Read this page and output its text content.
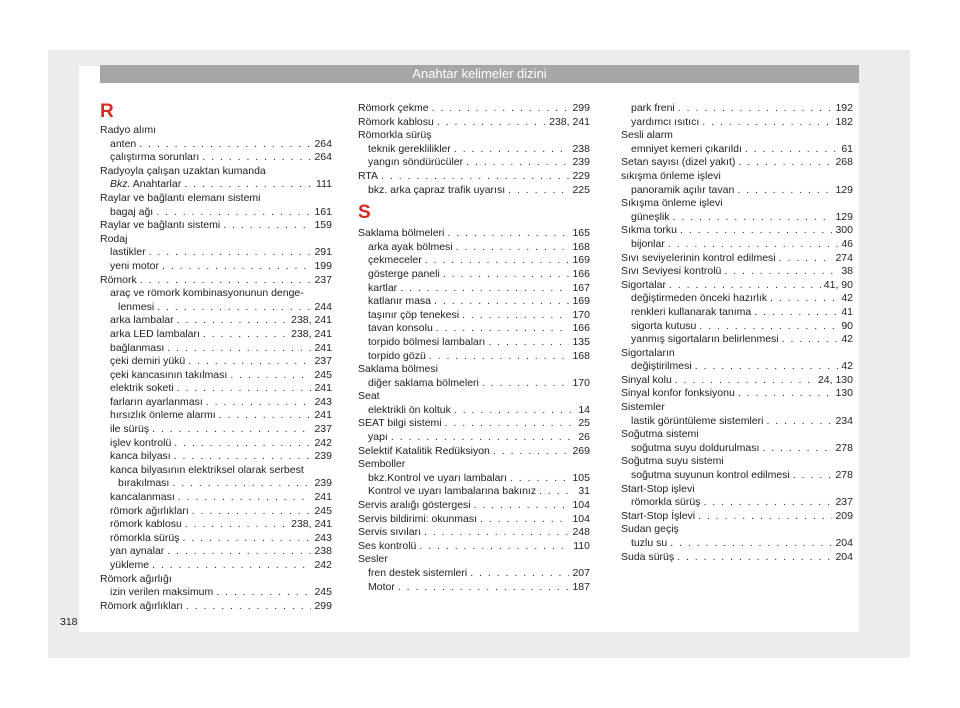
Anahtar kelimeler dizini
R
Radyo alımı
anten . . .	264
çalıştırma sorunları . . .	264
Radyoyla çalışan uzaktan kumanda
Bkz. Anahtarlar . . .	111
Raylar ve bağlantı elemanı sistemi
bagaj ağı . . .	161
Raylar ve bağlantı sistemi . . .	159
Rodaj
lastikler . . .	291
yeni motor . . .	199
Römork . . .	237
araç ve römork kombinasyonunun denge-
lenmesi . . .	244
arka lambalar . . .	238, 241
arka LED lambaları . . .	238, 241
bağlanması . . .	241
çeki demiri yükü . . .	237
çeki kancasının takılması . . .	245
elektrik soketi . . .	241
farların ayarlanması . . .	243
hırsızlık önleme alarmı . . .	241
ile sürüş . . .	237
işlev kontrolü . . .	242
kanca bilyası . . .	239
kanca bilyasının elektriksel olarak serbest
bırakılması . . .	239
kancalanması . . .	241
römork ağırlıkları . . .	245
römork kablosu . . .	238, 241
römorkla sürüş . . .	243
yan aynalar . . .	238
yükleme . . .	242
Römork ağırlığı
izin verilen maksimum . . .	245
Römork ağırlıkları . . .	299
Römork çekme . . .	299
Römork kablosu . . .	238, 241
Römorkla sürüş
teknik gereklilikler . . .	238
yangın söndürücüler . . .	239
RTA . . .	229
bkz. arka çapraz trafik uyarısı . . .	225
S
Saklama bölmeleri . . .	165
arka ayak bölmesi . . .	168
çekmeceler . . .	169
gösterge paneli . . .	166
kartlar . . .	167
katlanır masa . . .	169
taşınır çöp tenekesi . . .	170
tavan konsolu . . .	166
torpido bölmesi lambaları . . .	135
torpido gözü . . .	168
Saklama bölmesi
diğer saklama bölmeleri . . .	170
Seat
elektrikli ön koltuk . . .	14
SEAT bilgi sistemi . . .	25
yapı . . .	26
Selektif Katalitik Redüksiyon . . .	269
Semboller
bkz.Kontrol ve uyarı lambaları . . .	105
Kontrol ve uyarı lambalarına bakınız . . .	31
Servis aralığı göstergesi . . .	104
Servis bildirimi: okunması . . .	104
Servis sıvıları . . .	248
Ses kontrolü . . .	110
Sesler
fren destek sistemleri . . .	207
Motor . . .	187
park freni . . .	192
yardımcı ısıtıcı . . .	182
Sesli alarm
emniyet kemeri çıkarıldı . . .	61
Setan sayısı (dizel yakıt) . . .	268
sıkışma önleme işlevi
panoramik açılır tavan . . .	129
Sıkışma önleme işlevi
güneşlik . . .	129
Sıkma torku . . .	300
bijonlar . . .	46
Sıvı seviyelerinin kontrol edilmesi . . .	274
Sıvı Seviyesi kontrolü . . .	38
Sigortalar . . .	41, 90
değiştirmeden önceki hazırlık . . .	42
renkleri kullanarak tanıma . . .	41
sigorta kutusu . . .	90
yanmış sigortaların belirlenmesi . . .	42
Sigortaların
değiştirilmesi . . .	42
Sinyal kolu . . .	24, 130
Sinyal konfor fonksiyonu . . .	130
Sistemler
lastik görüntüleme sistemleri . . .	234
Soğutma sistemi
soğutma suyu doldurulması . . .	278
Soğutma suyu sistemi
soğutma suyunun kontrol edilmesi . . .	278
Start-Stop işlevi
römorkla sürüş . . .	237
Start-Stop İşlevi . . .	209
Sudan geçiş
tuzlu su . . .	204
Suda sürüş . . .	204
318
